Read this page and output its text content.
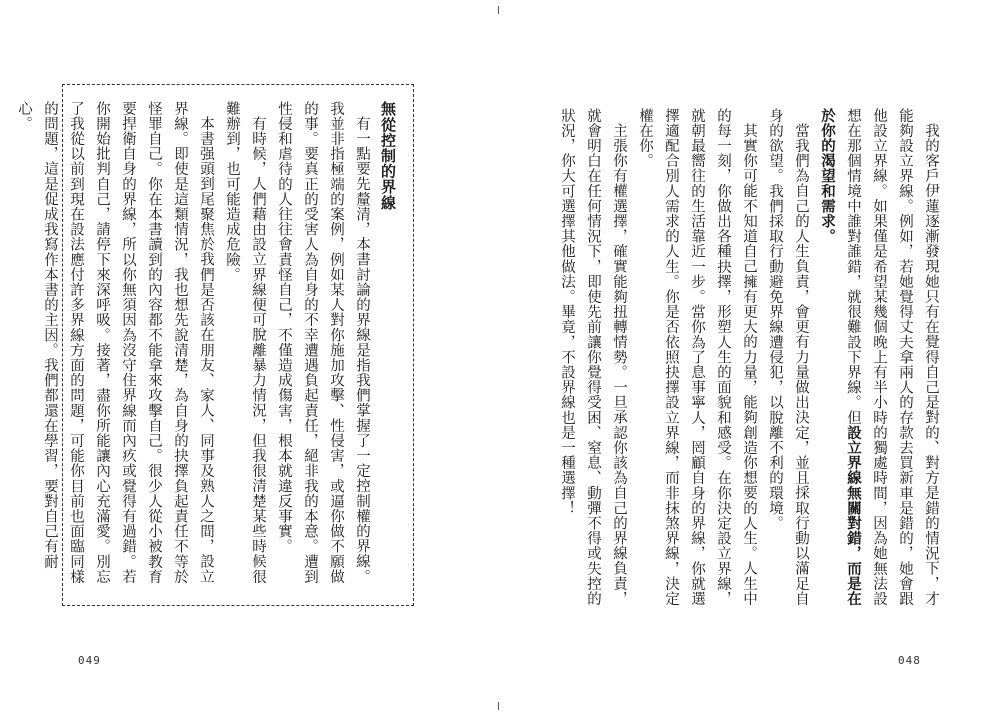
無從控制的界線

有一點要先釐清，本書討論的界線是指我們掌握了一定控制權的界線。我並非指極端的案例，例如某人對你施加攻擊、性侵害，或逼你做不願做的事。要真正的受害人為自身的不幸遭遇負起責任，絕非我的本意。遭到性侵和虐待的人往往會責怪自己，不僅造成傷害，根本就違反事實。

有時候，人們藉由設立界線便可脫離暴力情況，但我很清楚某些時候很難辦到，也可能造成危險。

本書强頭到尾聚焦於我們是否該在朋友、家人、同事及熟人之間，設立界線。即使是這類情況，我也想先說清楚，為自身的抉擇負起責任不等於怪罪自己。你在本書讀到的內容都不能拿來攻擊自己。很少人從小被教育要捍衛自身的界線，所以你無須因為沒守住界線而內疚或覺得有過錯。若你開始批判自己，請停下來深呼吸。接著，盡你所能讓內心充滿愛。別忘了我從以前到現在設法應付許多界線方面的問題，可能你目前也面臨同樣的問題，這是促成我寫作本書的主因。我們都還在學習，要對自己有耐心。

049

我的客戶伊蓮逐漸發現她只有在覺得自己是對的、對方是錯的情況下，才能夠設立界線。例如，若她覺得丈夫拿兩人的存款去買新車是錯的，她會跟他設立界線。如果僅是希望某幾個晚上有半小時的獨處時間，因為她無法設想在那個情境中誰對誰錯，就很難設下界線。但設立界線無關對錯，而是在於你的渴望和需求。

當我們為自己的人生負責，會更有力量做出決定，並且採取行動以滿足自身的欲望。我們採取行動避免界線遭侵犯，以脫離不利的環境。

其實你可能不知道自己擁有更大的力量，能夠創造你想要的人生。人生中的每一刻，你做出各種抉擇，形塑人生的面貌和感受。在你決定設立界線，就朝最嚮往的生活靠近一步。當你為了息事寧人，罔顧自身的界線，你就選擇適配合別人需求的人生。你是否依照抉擇設立界線，而非抹煞界線，決定權在你。

主張你有權選擇，確實能夠扭轉情勢。一旦承認你該為自己的界線負責，就會明白在任何情況下，即使先前讓你覺得受困、窒息、動彈不得或失控的狀況，你大可選擇其他做法。畢竟，不設界線也是一種選擇！

048
